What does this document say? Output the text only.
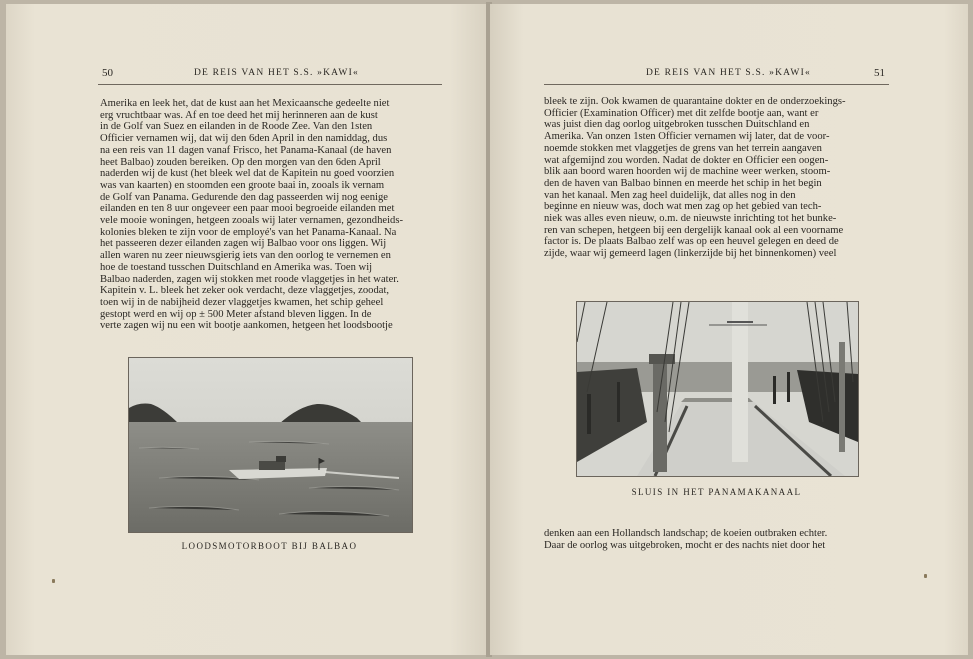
50	DE REIS VAN HET S.S. »KAWI«
Amerika en leek het, dat de kust aan het Mexicaansche gedeelte niet
erg vruchtbaar was. Af en toe deed het mij herinneren aan de kust
in de Golf van Suez en eilanden in de Roode Zee. Van den 1sten
Officier vernamen wij, dat wij den 6den April in den namiddag, dus
na een reis van 11 dagen vanaf Frisco, het Panama-Kanaal (de haven
heet Balbao) zouden bereiken. Op den morgen van den 6den April
naderden wij de kust (het bleek wel dat de Kapitein nu goed voorzien
was van kaarten) en stoomden een groote baai in, zooals ik vernam
de Golf van Panama. Gedurende den dag passeerden wij nog eenige
eilanden en ten 8 uur ongeveer een paar mooi begroeide eilanden met
vele mooie woningen, hetgeen zooals wij later vernamen, gezondheids-
kolonies bleken te zijn voor de employé's van het Panama-Kanaal. Na
het passeeren dezer eilanden zagen wij Balbao voor ons liggen. Wij
allen waren nu zeer nieuwsgierig iets van den oorlog te vernemen en
hoe de toestand tusschen Duitschland en Amerika was. Toen wij
Balbao naderden, zagen wij stokken met roode vlaggetjes in het water.
Kapitein v. L. bleek het zeker ook verdacht, deze vlaggetjes, zoodat,
toen wij in de nabijheid dezer vlaggetjes kwamen, het schip geheel
gestopt werd en wij op ± 500 Meter afstand bleven liggen. In de
verte zagen wij nu een wit bootje aankomen, hetgeen het loodsbootje
LOODSMOTORBOOT BIJ BALBAO
DE REIS VAN HET S.S. »KAWI«	51
bleek te zijn. Ook kwamen de quarantaine dokter en de onderzoekings-
Officier (Examination Officer) met dit zelfde bootje aan, want er
was juist dien dag oorlog uitgebroken tusschen Duitschland en
Amerika. Van onzen 1sten Officier vernamen wij later, dat de voor-
noemde stokken met vlaggetjes de grens van het terrein aangaven
wat afgemijnd zou worden. Nadat de dokter en Officier een oogen-
blik aan boord waren hoorden wij de machine weer werken, stoom-
den de haven van Balbao binnen en meerde het schip in het begin
van het kanaal. Men zag heel duidelijk, dat alles nog in den
beginne en nieuw was, doch wat men zag op het gebied van tech-
niek was alles even nieuw, o.m. de nieuwste inrichting tot het bunke-
ren van schepen, hetgeen bij een dergelijk kanaal ook al een voorname
factor is. De plaats Balbao zelf was op een heuvel gelegen en deed de
zijde, waar wij gemeerd lagen (linkerzijde bij het binnenkomen) veel
SLUIS IN HET PANAMAKANAAL
denken aan een Hollandsch landschap; de koeien outbraken echter.
Daar de oorlog was uitgebroken, mocht er des nachts niet door het
